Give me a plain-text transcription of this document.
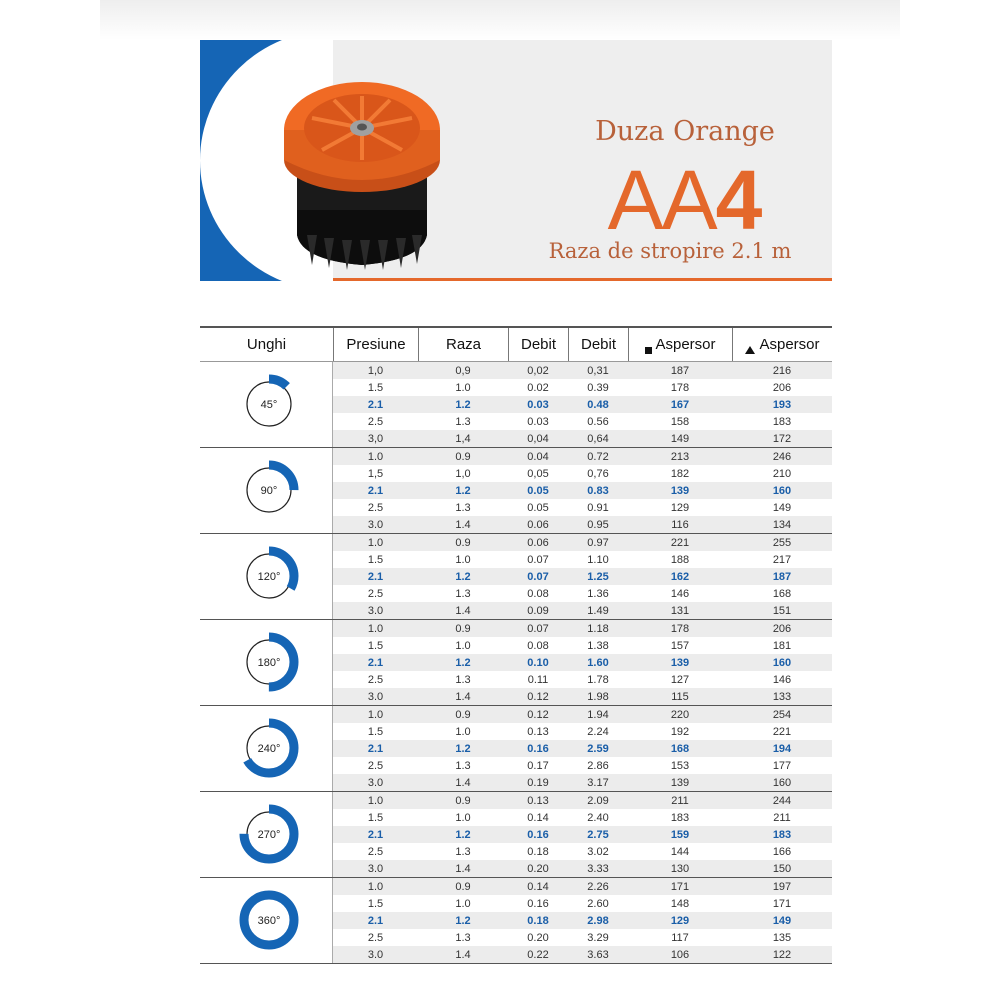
Duza Orange
AA4
Raza de stropire 2.1 m
Unghi	Presiune	Raza	Debit	Debit	Aspersor	Aspersor
45°
1,0	0,9	0,02	0,31	187	216
1.5	1.0	0.02	0.39	178	206
2.1	1.2	0.03	0.48	167	193
2.5	1.3	0.03	0.56	158	183
3,0	1,4	0,04	0,64	149	172
90°
1.0	0.9	0.04	0.72	213	246
1,5	1,0	0,05	0,76	182	210
2.1	1.2	0.05	0.83	139	160
2.5	1.3	0.05	0.91	129	149
3.0	1.4	0.06	0.95	116	134
120°
1.0	0.9	0.06	0.97	221	255
1.5	1.0	0.07	1.10	188	217
2.1	1.2	0.07	1.25	162	187
2.5	1.3	0.08	1.36	146	168
3.0	1.4	0.09	1.49	131	151
180°
1.0	0.9	0.07	1.18	178	206
1.5	1.0	0.08	1.38	157	181
2.1	1.2	0.10	1.60	139	160
2.5	1.3	0.11	1.78	127	146
3.0	1.4	0.12	1.98	115	133
240°
1.0	0.9	0.12	1.94	220	254
1.5	1.0	0.13	2.24	192	221
2.1	1.2	0.16	2.59	168	194
2.5	1.3	0.17	2.86	153	177
3.0	1.4	0.19	3.17	139	160
270°
1.0	0.9	0.13	2.09	211	244
1.5	1.0	0.14	2.40	183	211
2.1	1.2	0.16	2.75	159	183
2.5	1.3	0.18	3.02	144	166
3.0	1.4	0.20	3.33	130	150
360°
1.0	0.9	0.14	2.26	171	197
1.5	1.0	0.16	2.60	148	171
2.1	1.2	0.18	2.98	129	149
2.5	1.3	0.20	3.29	117	135
3.0	1.4	0.22	3.63	106	122
